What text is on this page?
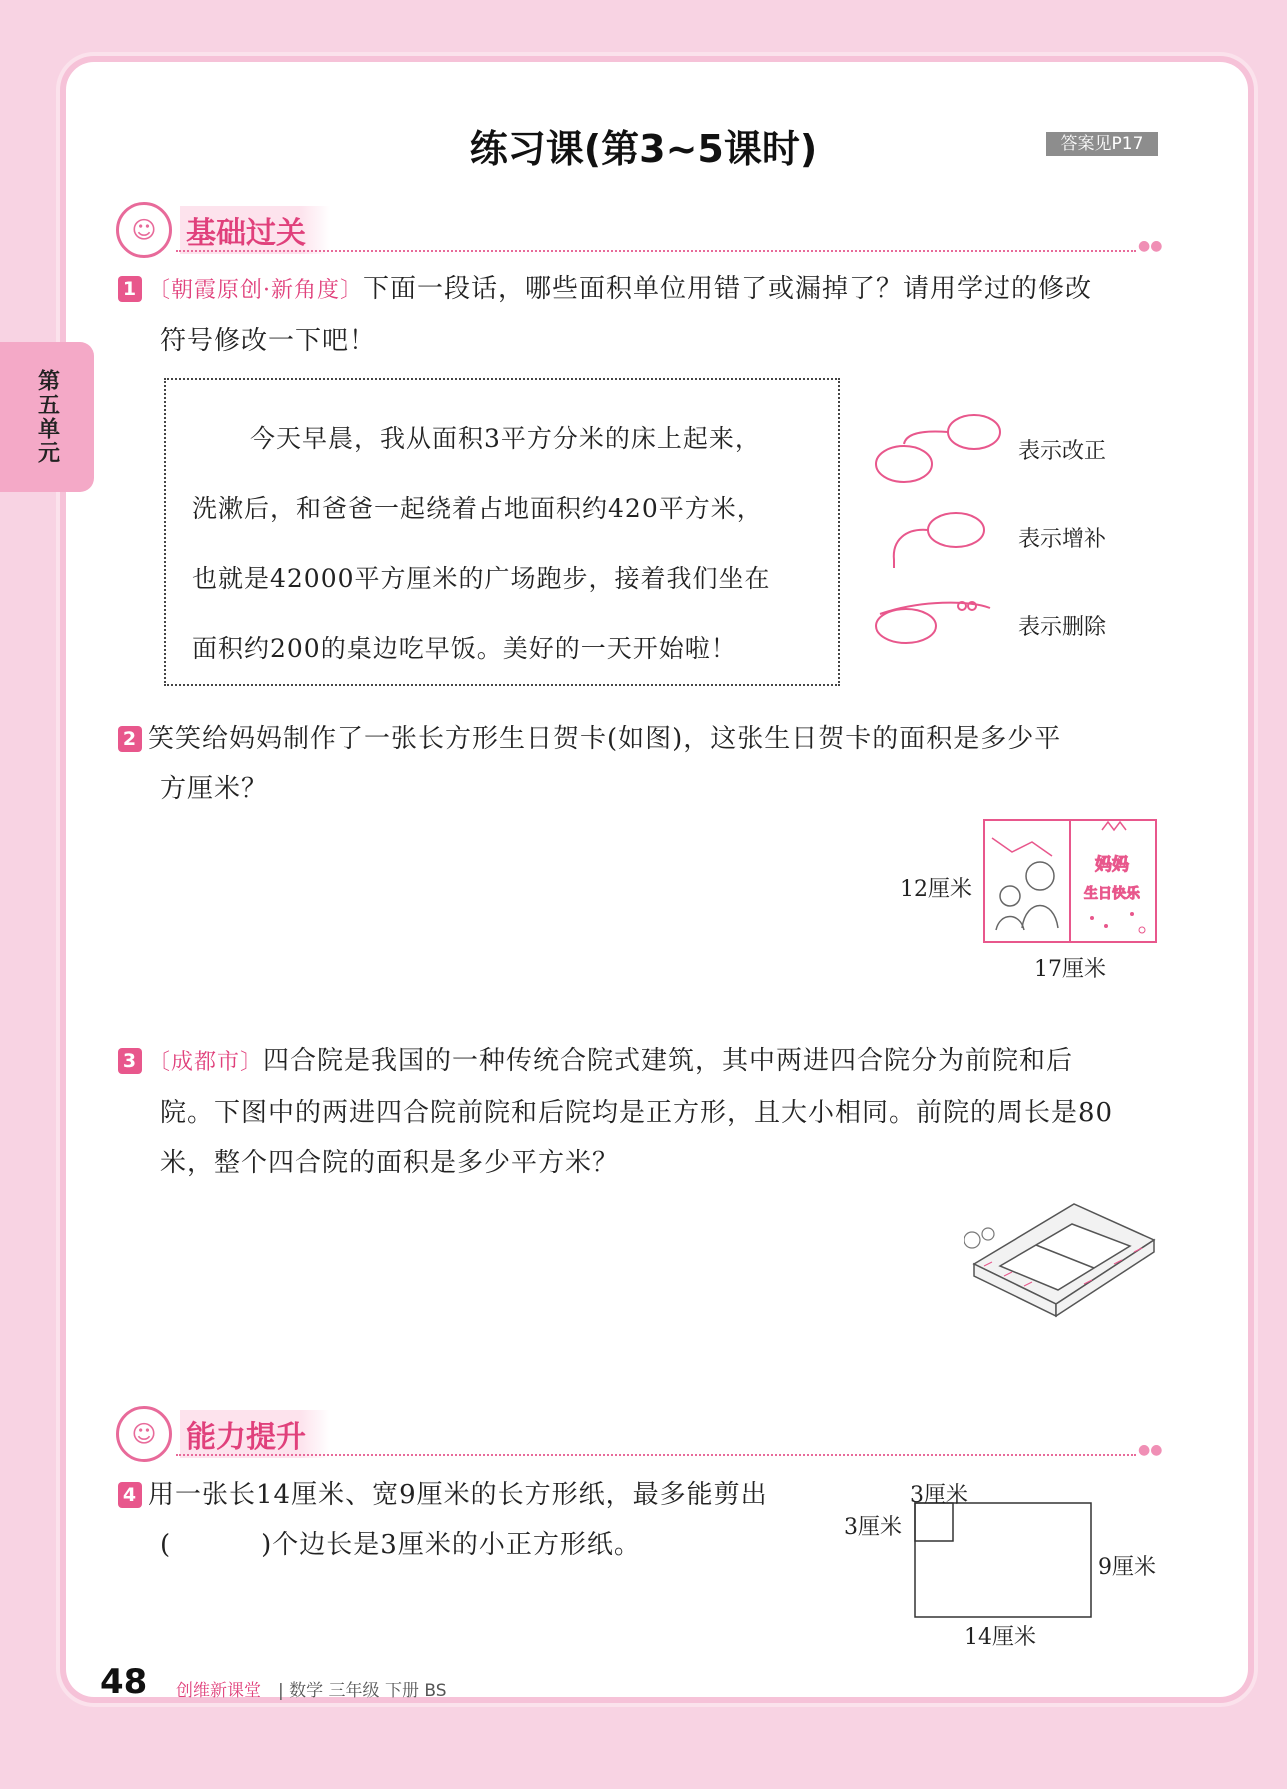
第五单元
练习课(第3~5课时)	答案见P17
☺ 基础过关	●●
1 〔朝霞原创·新角度〕下面一段话，哪些面积单位用错了或漏掉了？请用学过的修改
符号修改一下吧！
今天早晨，我从面积3平方分米的床上起来，
洗漱后，和爸爸一起绕着占地面积约420平方米，
也就是42000平方厘米的广场跑步，接着我们坐在
面积约200的桌边吃早饭。美好的一天开始啦！
表示改正
表示增补
表示删除
2 笑笑给妈妈制作了一张长方形生日贺卡(如图)，这张生日贺卡的面积是多少平
方厘米？
妈妈
生日快乐
12厘米
17厘米
3 〔成都市〕四合院是我国的一种传统合院式建筑，其中两进四合院分为前院和后
院。下图中的两进四合院前院和后院均是正方形，且大小相同。前院的周长是80
米，整个四合院的面积是多少平方米？
☺ 能力提升	●●
4 用一张长14厘米、宽9厘米的长方形纸，最多能剪出
(	)个边长是3厘米的小正方形纸。
3厘米
3厘米
9厘米
14厘米
48 创维新课堂 | 数学 三年级 下册 BS
